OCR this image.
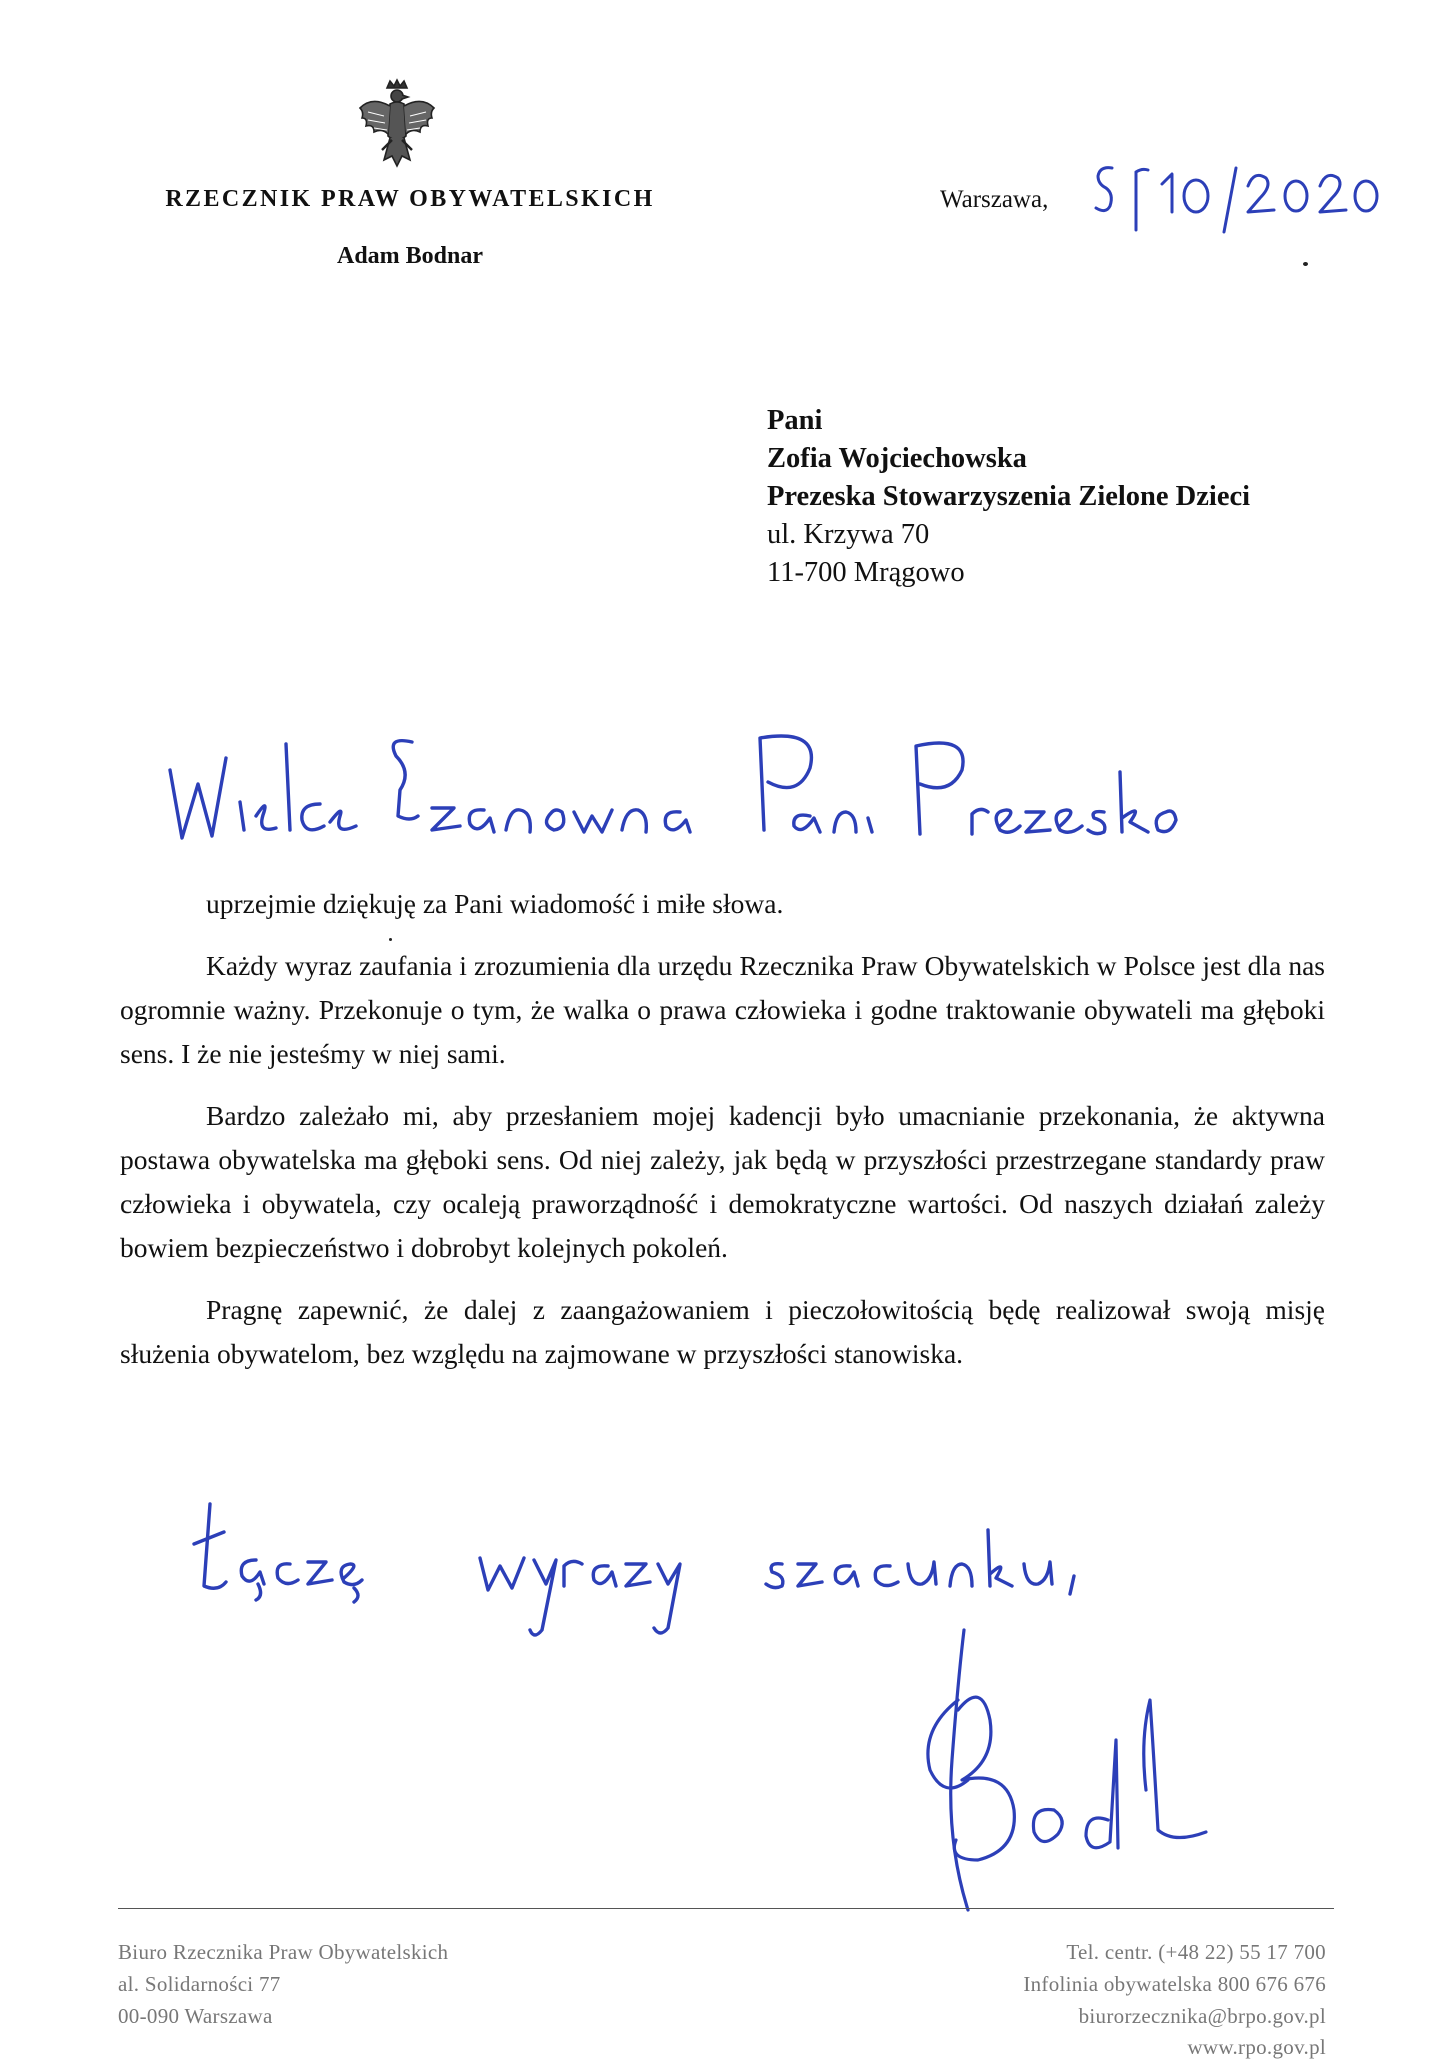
RZECZNIK PRAW OBYWATELSKICH
Adam Bodnar
Warszawa,
Pani
Zofia Wojciechowska
Prezeska Stowarzyszenia Zielone Dzieci
ul. Krzywa 70
11-700 Mrągowo

uprzejmie dziękuję za Pani wiadomość i miłe słowa.

Każdy wyraz zaufania i zrozumienia dla urzędu Rzecznika Praw Obywatelskich w Polsce jest dla nas ogromnie ważny. Przekonuje o tym, że walka o prawa człowieka i godne traktowanie obywateli ma głęboki sens. I że nie jesteśmy w niej sami.

Bardzo zależało mi, aby przesłaniem mojej kadencji było umacnianie przekonania, że aktywna postawa obywatelska ma głęboki sens. Od niej zależy, jak będą w przyszłości przestrzegane standardy praw człowieka i obywatela, czy ocaleją praworządność i demokratyczne wartości. Od naszych działań zależy bowiem bezpieczeństwo i dobrobyt kolejnych pokoleń.

Pragnę zapewnić, że dalej z zaangażowaniem i pieczołowitością będę realizował swoją misję służenia obywatelom, bez względu na zajmowane w przyszłości stanowiska.

Biuro Rzecznika Praw Obywatelskich
al. Solidarności 77
00-090 Warszawa
Tel. centr. (+48 22) 55 17 700
Infolinia obywatelska 800 676 676
biurorzecznika@brpo.gov.pl
www.rpo.gov.pl
